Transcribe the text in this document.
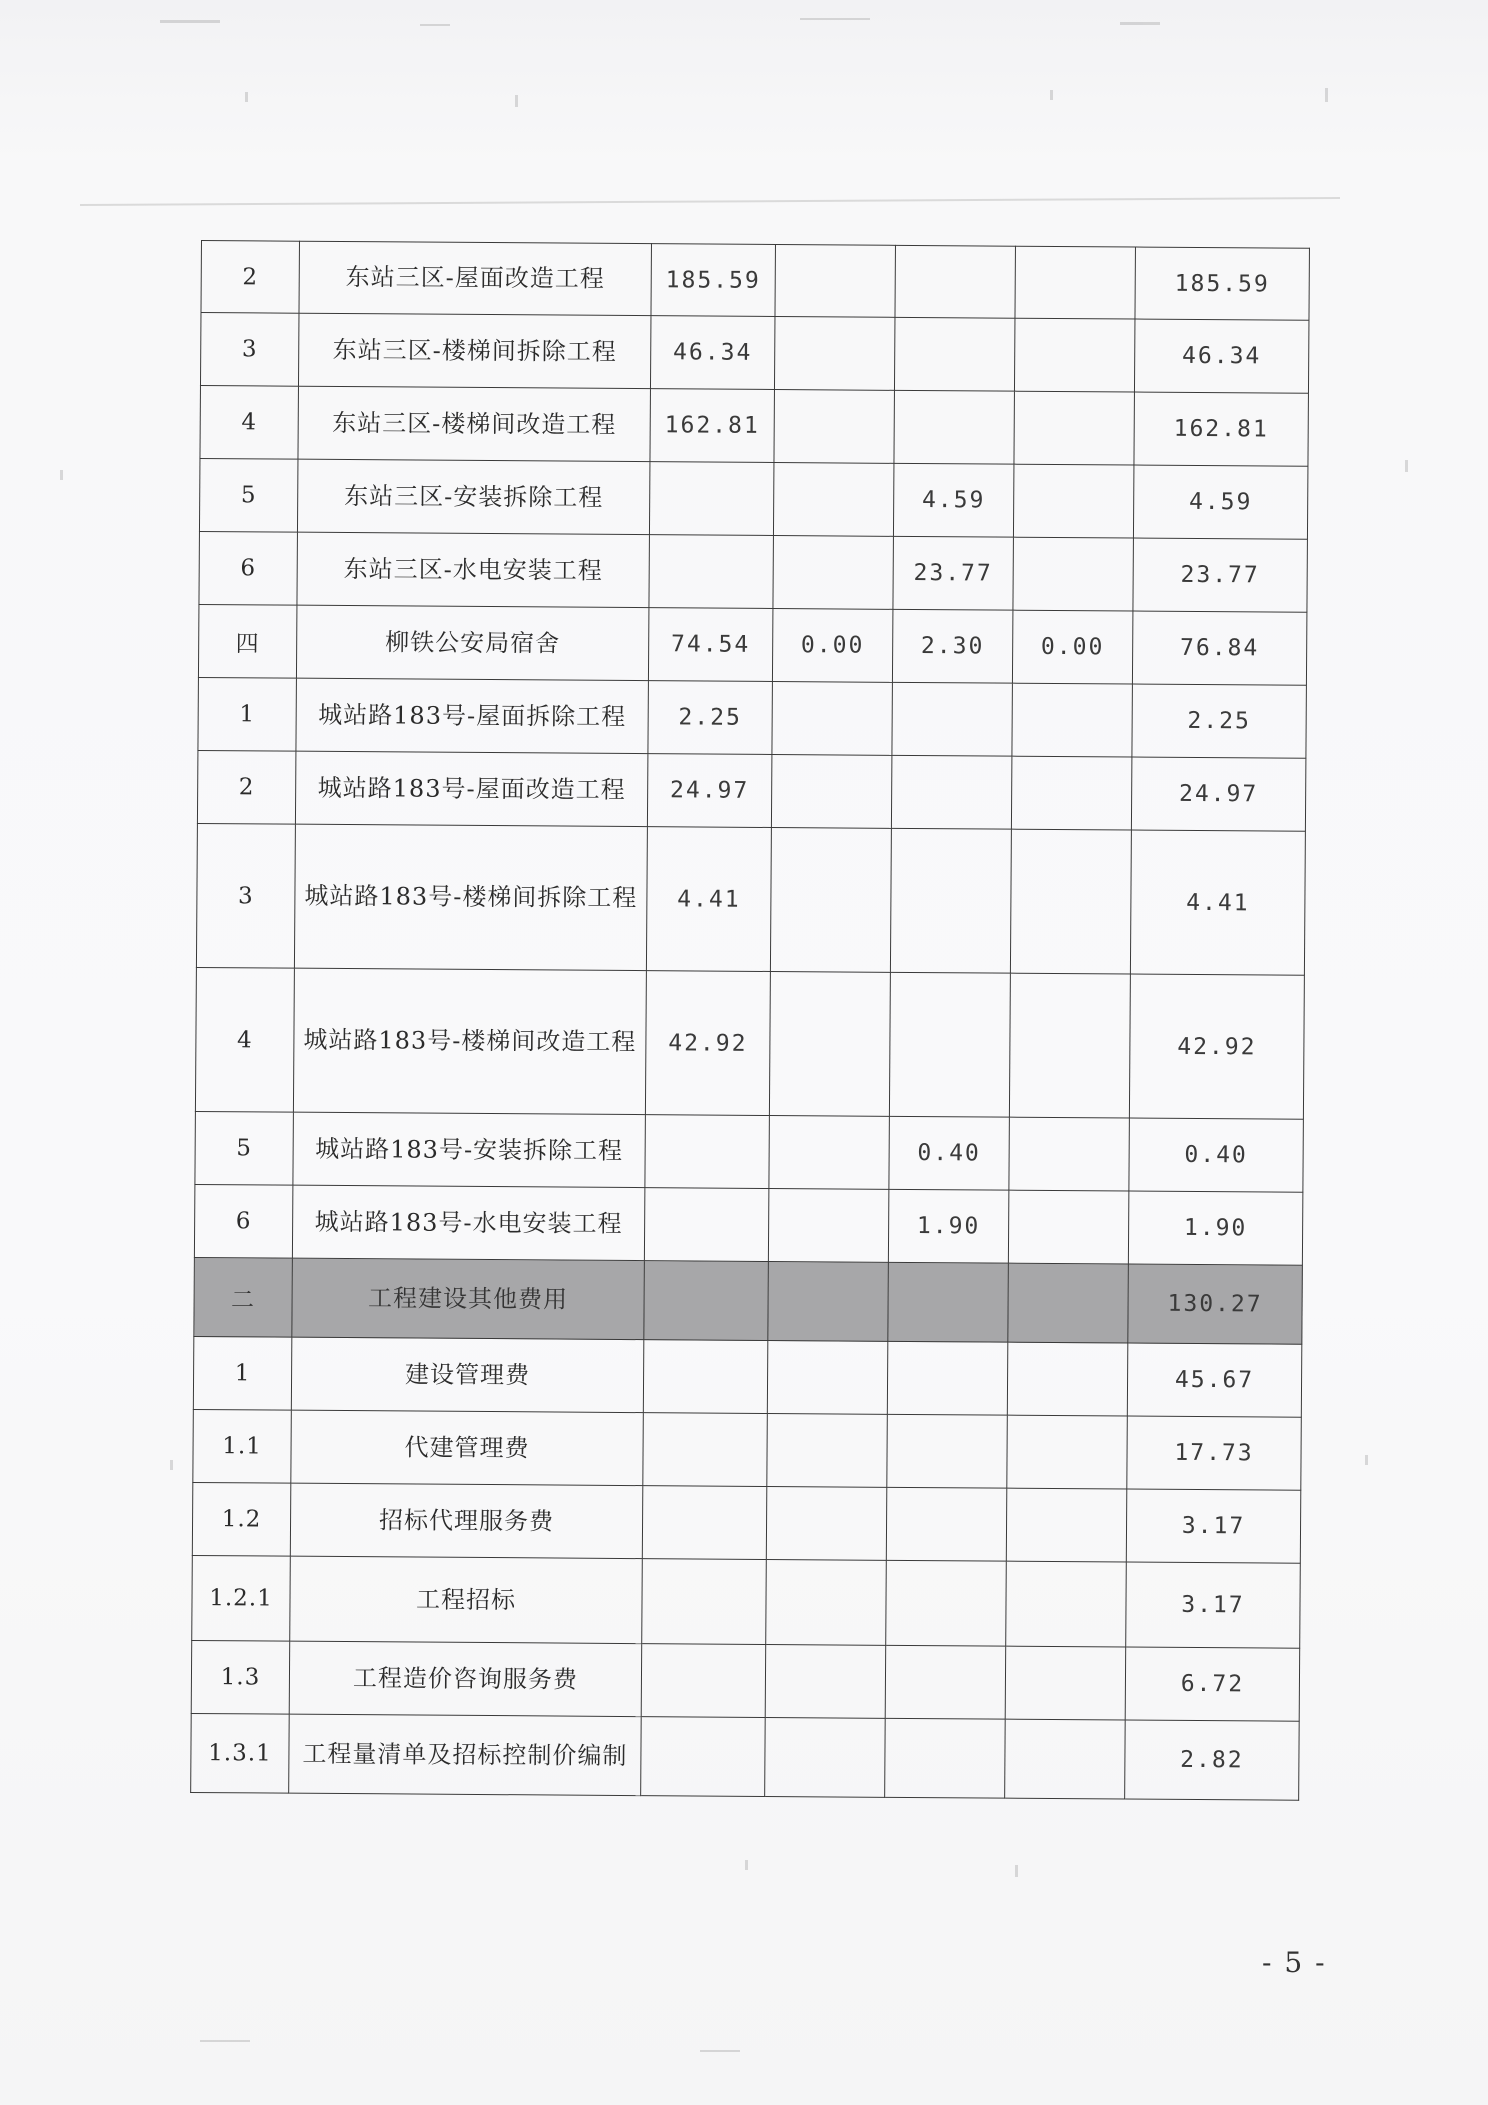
2	东站三区-屋面改造工程	185.59				185.59
3	东站三区-楼梯间拆除工程	46.34				46.34
4	东站三区-楼梯间改造工程	162.81				162.81
5	东站三区-安装拆除工程			4.59		4.59
6	东站三区-水电安装工程			23.77		23.77
四	柳铁公安局宿舍	74.54	0.00	2.30	0.00	76.84
1	城站路183号-屋面拆除工程	2.25				2.25
2	城站路183号-屋面改造工程	24.97				24.97
3	城站路183号-楼梯间拆除工程	4.41				4.41
4	城站路183号-楼梯间改造工程	42.92				42.92
5	城站路183号-安装拆除工程			0.40		0.40
6	城站路183号-水电安装工程			1.90		1.90
二	工程建设其他费用					130.27
1	建设管理费					45.67
1.1	代建管理费					17.73
1.2	招标代理服务费					3.17
1.2.1	工程招标					3.17
1.3	工程造价咨询服务费					6.72
1.3.1	工程量清单及招标控制价编制					2.82
- 5 -
